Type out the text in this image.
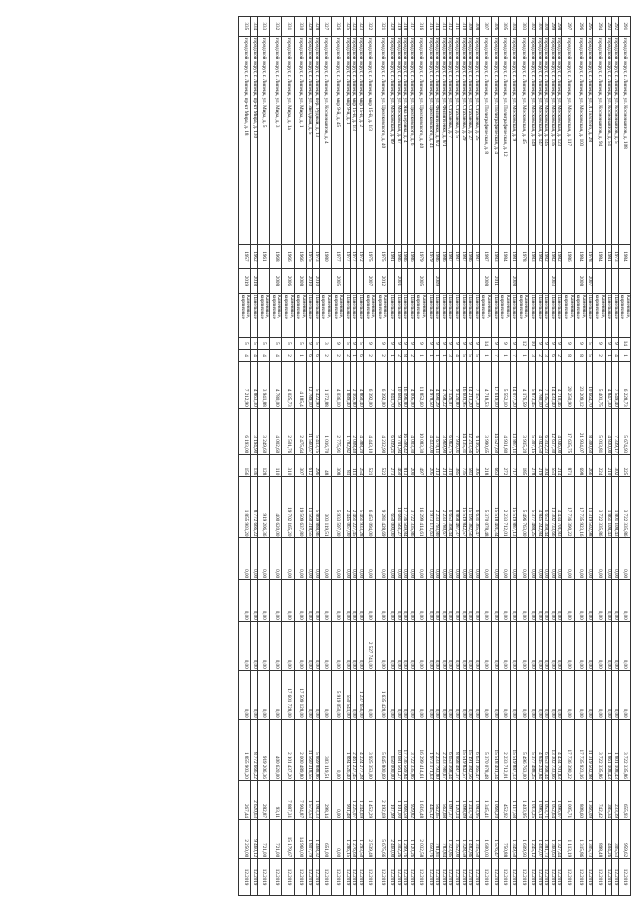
291	городской округ, г. Липецк, ул. Космонавтов, д. 108	1984		Каменные, кирпичные	14	1	6 228,73	5 674,93	225	3 722 335,86	0,00	0,00	0,00	0,00	3 722 335,86	655,93	959,62	12.2019
292	городской округ, г. Липецк, ул. Космонавтов, д. 5	1973		Панельные	9	4	7 549,40	7 339,17	302	1 801 108,43	0,00	0,00	0,00	0,00	1 801 108,43	233,39	305,53	12.2019
293	городской округ, г. Липецк, ул. Космонавтов, д. 51	1981		Панельные	9	1	4 847,30	4 830,00	210	1 861 108,43	0,00	0,00	0,00	0,00	1 861 108,43	385,34	404,26	12.2019
294	городской округ, г. Липецк, ул. Космонавтов, д. 94	1984		Каменные, кирпичные	9	2	5 401,75	5 013,81	224	3 722 335,86	0,00	0,00	0,00	0,00	3 722 335,86	742,42	898,48	12.2019
295	городской округ, г. Липецк, ул. Л.Толстого, д. 28	1978	2007	Панельные	5	5	10 664,70	8 300,60	266	11 319 502,98	0,00	0,00	0,00	0,00	11 319 502,98	1 366,09	1 305,73	12.2019
296	городской округ, г. Липецк, ул. Московская, д. 103	1984	2008	Каменные, кирпичные	9	8	23 209,12	21 934,07	698	17 735 923,16	0,00	0,00	0,00	0,00	17 735 923,16	808,60	1 315,86	12.2019
297	городской округ, г. Липецк, ул. Московская, д. 117	1986		Каменные, кирпичные	9	8	20 250,90	17 635,75	871	17 736 390,22	0,00	0,00	0,00	0,00	17 736 390,22	1 005,71	1 113,19	12.2019
298	городской округ, г. Липецк, ул. Московская, д. 123	1982		Панельные	9	2	4 710,46	4 046,00	214	4 434 701,83	0,00	0,00	0,00	0,00	4 434 701,83	1 096,07	1 327,44	12.2019
299	городской округ, г. Липецк, ул. Московская, д. 135	1982	2003	Панельные	9	6	14 433,40	12 637,30	551	13 302 733,66	0,00	0,00	0,00	0,00	13 302 733,66	1 052,64	1 360,63	12.2019
300	городской округ, г. Липецк, ул. Московская, д. 145	1982		Панельные	9	3	7 135,70	6 312,23	304	6 653 368,44	0,00	0,00	0,00	0,00	6 653 368,44	1 053,71	1 381,73	12.2019
301	городской округ, г. Липецк, ул. Московская, д. 147	1982		Панельные	9	2	4 780,10	4 043,50	219	4 845 242,84	0,00	0,00	0,00	0,00	4 845 242,84	1 096,14	1 402,07	12.2019
302	городской округ, г. Липецк, ул. Московская, д. 149	1983		Панельные	10	3	5 873,45	5 307,15	278	5 377 488,25	0,00	0,00	0,00	0,00	5 377 488,25	1 013,25	1 245,12	12.2019
303	городской округ, г. Липецк, ул. Московская, д. 45	1978		Каменные, кирпичные	12	1	4 176,59	3 915,20	185	5 496 763,00	0,00	0,00	0,00	0,00	5 496 763,00	1 403,95	1 609,93	12.2019
304	городской округ, г. Липецк, ул. Московская, д. 9	1981	2008	Панельные	9	7	14 077,20	13 887,11	717	15 519 887,13	0,00	0,00	0,00	0,00	15 519 887,13	1 117,58	1 349,50	12.2019
305	городской округ, г. Липецк, ул. Полиграфическая, д. 12	1984		Каменные, кирпичные	9	1	5 552,10	4 931,80	272	2 233 712,01	0,00	0,00	0,00	0,00	2 233 712,01	452,92	750,88	12.2019
306	городской округ, г. Липецк, ул. Полиграфическая, д. 4	1983	2011	Панельные	9	7	17 619,10	14 527,60	663	15 518 401,34	0,00	0,00	0,00	0,00	15 518 401,34	1 068,20	1 576,47	12.2019
307	городской округ, г. Липецк, ул. Полиграфическая, д. 8	1987	2008	Каменные, кирпичные	14	1	4 718,53	3 990,65	218	5 370 078,48	0,00	0,00	0,00	0,00	5 370 078,48	1 345,41	1 600,03	12.2019
308	городской округ, г. Липецк, ул. Стаханова, д. 25	1987		Панельные	9	5	7 157,30	6 116,25	305	6 631 365,47	0,00	0,00	0,00	0,00	6 631 365,47	1 083,95	1 315,50	12.2019
309	городской округ, г. Липецк, ул. Стаханова, д. 27	1986		Панельные	9	5	14 213,20	12 213,56	583	15 191 382,56	0,00	0,00	0,00	0,00	15 191 382,56	1 243,70	1 482,86	12.2019
310	городской округ, г. Липецк, ул. Стаханова, д. 29	1987		Панельные	9	5	16 601,95	14 135,31	735	15 519 842,57	0,00	0,00	0,00	0,00	15 519 842,57	1 098,09	1 328,59	12.2019
311	городской округ, г. Липецк, ул. Стаханова, д. 5	1987		Панельные	9	4	9 120,80	7 916,01	385	8 868 487,37	0,00	0,00	0,00	0,00	8 868 487,37	1 120,24	1 352,00	12.2019
312	городской округ, г. Липецк, ул. Стаханова, д. 7	1987		Панельные	9	3	7 126,07	6 062,75	310	6 653 368,44	0,00	0,00	0,00	0,00	6 653 368,44	1 097,37	1 323,85	12.2019
313	городской округ, г. Липецк, ул. Филипченко, д. 8/1	1986		Панельные	9	1	4 768,22	3 969,90	213	2 233 780,67	0,00	0,00	0,00	0,00	2 233 780,67	562,68	783,84	12.2019
314	городской округ, г. Липецк, ул. Филипченко, д. 8/2	1986	2009	Панельные	9	1	4 690,29	3 670,11	213	2 233 793,80	0,00	0,00	0,00	0,00	2 233 793,80	562,65	781,81	12.2019
315	городской округ, г. Липецк, ул. Циолковского, д. 41	1979		Панельные	9	1	4 978,50	4 433,00	205	1 973 171,63	0,00	0,00	0,00	0,00	1 973 171,63	445,12	650,76	12.2019
316	городской округ, г. Липецк, ул. Циолковского, д. 40	1979	2005	Каменные, кирпичные	9	1	11 852,60	10 083,30	497	16 299 414,61	0,00	0,00	0,00	0,00	16 299 414,61	1 616,48	2 032,58	12.2019
317	городской округ, г. Липецк, ул. Циолковского, д. 6	1986		Панельные	9	2	4 005,00	4 003,30	200	3 722 335,86	0,00	0,00	0,00	0,00	3 722 335,86	929,82	1 120,26	12.2019
318	городской округ, г. Липецк, ул. Яна Берзина, д. 4	1986		Панельные	9	8	16 096,80	16 598,42	813	17 736 569,84	0,00	0,00	0,00	0,00	17 736 569,84	1 068,59	1 299,76	12.2019
319	городской округ, г. Липецк, ул. Московская, д. 87	1986	2001	Панельные	9	2	10 681,56	9 701,94	460	10 681 561,27	0,00	0,00	0,00	0,00	10 681 561,27	1 101,00	1 302,26	12.2019
320	городской округ, г. Липецк, ул. Московская, д. 89	1981		Панельные	9	1	7 041,70	6 019,21	273	650 000,00	0,00	0,00	0,00	0,00	650 000,00	107,99	2 460,00	12.2019
321	городской округ, г. Липецк, ул. Циолковского, д. 40	1975	2012	Каменные, кирпичные	9	2	6 392,00	4 232,90	522	9 281 428,69	0,00	0,00	0,00	1 635 428,00	5 645 800,69	2 192,69	5 675,66	12.2019
322	городской округ, г. Липецк, мкр 15-й, д. 1/3	1975	2007	Каменные, кирпичные	9	2	6 392,00	4 443,10	521	6 453 094,00	0,00	0,00	2 527 741,00	0,00	3 925 353,00	1 452,29	2 539,48	12.2019
323	городской округ, г. Липецк, мкр 15-й, д. 2	1972		Панельные	5	6	4 860,40	4 388,20	254	5 461 933,28	0,00	0,00	0,00	1 237 656,00	4 224 277,28	1 244,69	1 293,50	12.2019
324	городской округ, г. Липецк, мкр 15-й, д. 1/3	1977		Панельные	9	1	2 165,80	2 008,40	111	2 461 227,45	0,00	0,00	0,00	0,00	2 461 227,45	1 225,07	1 276,60	12.2019
325	городской округ, г. Липецк, мкр 9-й, д. 1	1977		Панельные	5	2	1 889,40	1 782,82	81	2 445 067,00	0,00	0,00	0,00	550 541,00	1 894 526,40	901,48	1 286,15	12.2019
326	городской округ, г. Липецк, мкр 9-й, д. 45	1977	2005	Каменные, кирпичные	9	2	4 036,10	2 775,91	308	5 933 597,00	0,00	0,00	0,00	5 919 050,00	0,00	0,00	0,00	12.2019
327	городской округ, г. Липецк, ул. Космонавтов, д. 4	1980		Каменные, кирпичные	3	2	1 172,88	1 016,70	48	303 119,51	0,00	0,00	0,00	0,00	303 119,51	298,14	651,00	12.2019
328	городской округ, г. Липецк, пер. Рудный, д. 13	1973	2010	Панельные	5	6	5 422,90	5 413,75	296	5 869 888,86	0,00	0,00	0,00	0,00	5 869 888,86	1 083,33	1 468,32	12.2019
329	городской округ, г. Липецк, ул. Звёздная, д. 5	1975	2010	Панельные	9	6	12 789,10	11 560,67	612	11 560 318,55	0,00	0,00	0,00	0,00	11 560 318,55	1 573,53	1 807,79	12.2019
330	городской округ, г. Липецк, ул. Мира, д. 1	1966	2008	Каменные, кирпичные	5	1	4 185,4	2 475,64	307	19 509 637,80	0,00	0,00	0,00	17 509 128,00	2 000 489,80	7 904,87	14 960,00	12.2019
331	городской округ, г. Липецк, ул. Мира, д. 1а	1966	2006	Каменные, кирпичные	5	2	4 025,73	2 501,76	310	19 702 165,20	0,00	0,00	0,00	17 601 728,00	2 101 437,20	7 887,31	15 179,67	12.2019
332	городской округ, г. Липецк, ул. Мира, д. 3	1968	2008	Каменные, кирпичные	5	4	4 780,00	4 002,60	110	400 620,00	0,00	0,00	0,00	0,00	400 620,00	93,11	721,00	12.2019
333	городской округ, г. Липецк, ул. Мира, д. 5	1961		Каменные, кирпичные	5	4	3 941,88	3 249,60	128	919 206,36	0,00	0,00	0,00	0,00	919 206,36	282,87	721,00	12.2019
334	городской округ, г. Липецк, пр-кт Мира, д. 130	1962	2018	Панельные	5	4	4 863,30	3 194,90	136	8 772 666,22	0,00	0,00	0,00	0,00	8 772 666,22	2 620,63	9 460,12	12.2019
335	городской округ, г. Липецк, пр-кт Мира, д. 18	1957	2019	Каменные, кирпичные	5	4	7 212,90	6 193,00	156	1 855 903,20	0,00	0,00	0,00	0,00	1 855 903,20	267,44	2 250,00	12.2019
